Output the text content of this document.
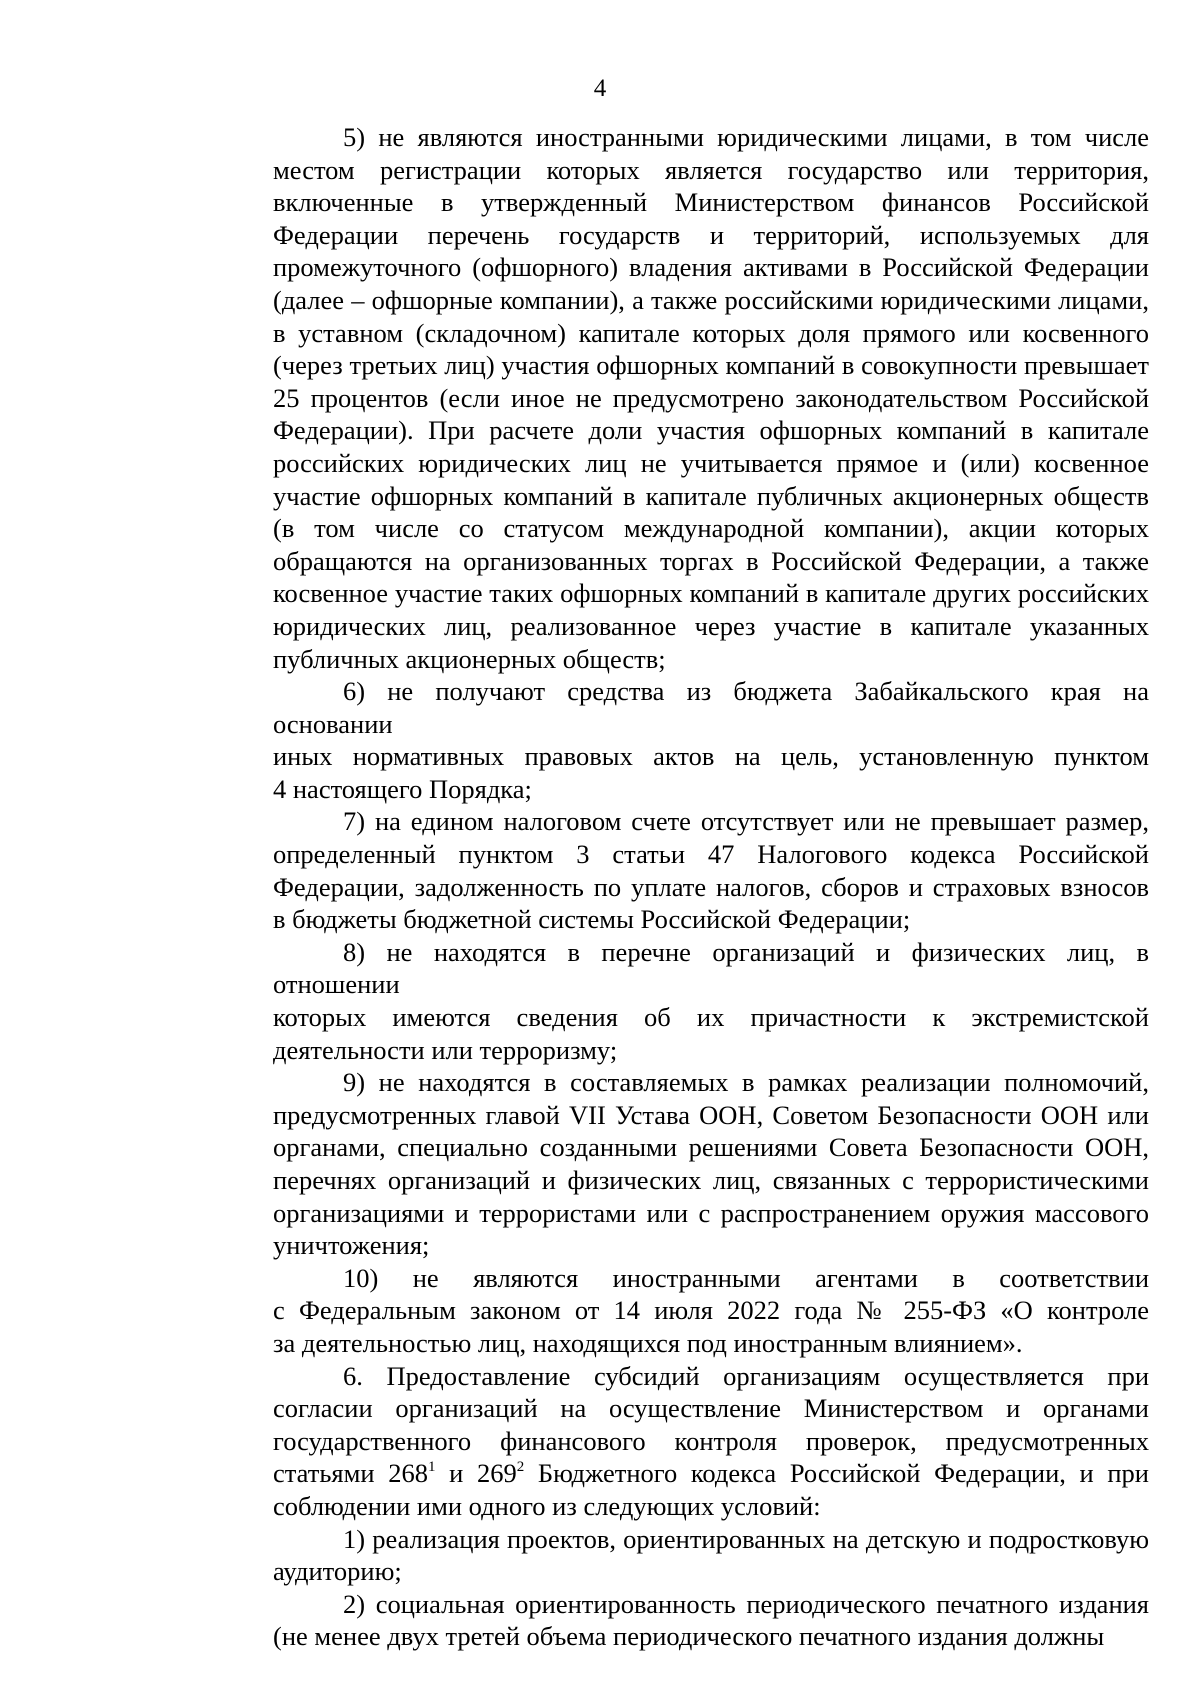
4
5) не являются иностранными юридическими лицами, в том числе
местом регистрации которых является государство или территория,
включенные в утвержденный Министерством финансов Российской
Федерации перечень государств и территорий, используемых для
промежуточного (офшорного) владения активами в Российской Федерации
(далее – офшорные компании), а также российскими юридическими лицами,
в уставном (складочном) капитале которых доля прямого или косвенного
(через третьих лиц) участия офшорных компаний в совокупности превышает
25 процентов (если иное не предусмотрено законодательством Российской
Федерации). При расчете доли участия офшорных компаний в капитале
российских юридических лиц не учитывается прямое и (или) косвенное
участие офшорных компаний в капитале публичных акционерных обществ
(в том числе со статусом международной компании), акции которых
обращаются на организованных торгах в Российской Федерации, а также
косвенное участие таких офшорных компаний в капитале других российских
юридических лиц, реализованное через участие в капитале указанных
публичных акционерных обществ;
6) не получают средства из бюджета Забайкальского края на основании
иных нормативных правовых актов на цель, установленную пунктом
4 настоящего Порядка;
7) на едином налоговом счете отсутствует или не превышает размер,
определенный пунктом 3 статьи 47 Налогового кодекса Российской
Федерации, задолженность по уплате налогов, сборов и страховых взносов
в бюджеты бюджетной системы Российской Федерации;
8) не находятся в перечне организаций и физических лиц, в отношении
которых имеются сведения об их причастности к экстремистской
деятельности или терроризму;
9) не находятся в составляемых в рамках реализации полномочий,
предусмотренных главой VII Устава ООН, Советом Безопасности ООН или
органами, специально созданными решениями Совета Безопасности ООН,
перечнях организаций и физических лиц, связанных с террористическими
организациями и террористами или с распространением оружия массового
уничтожения;
10) не являются иностранными агентами в соответствии
с Федеральным законом от 14 июля 2022 года № 255-ФЗ «О контроле
за деятельностью лиц, находящихся под иностранным влиянием».
6. Предоставление субсидий организациям осуществляется при
согласии организаций на осуществление Министерством и органами
государственного финансового контроля проверок, предусмотренных
статьями $268^1$ и $269^2$ Бюджетного кодекса Российской Федерации, и при
соблюдении ими одного из следующих условий:
1) реализация проектов, ориентированных на детскую и подростковую
аудиторию;
2) социальная ориентированность периодического печатного издания
(не менее двух третей объема периодического печатного издания должны
